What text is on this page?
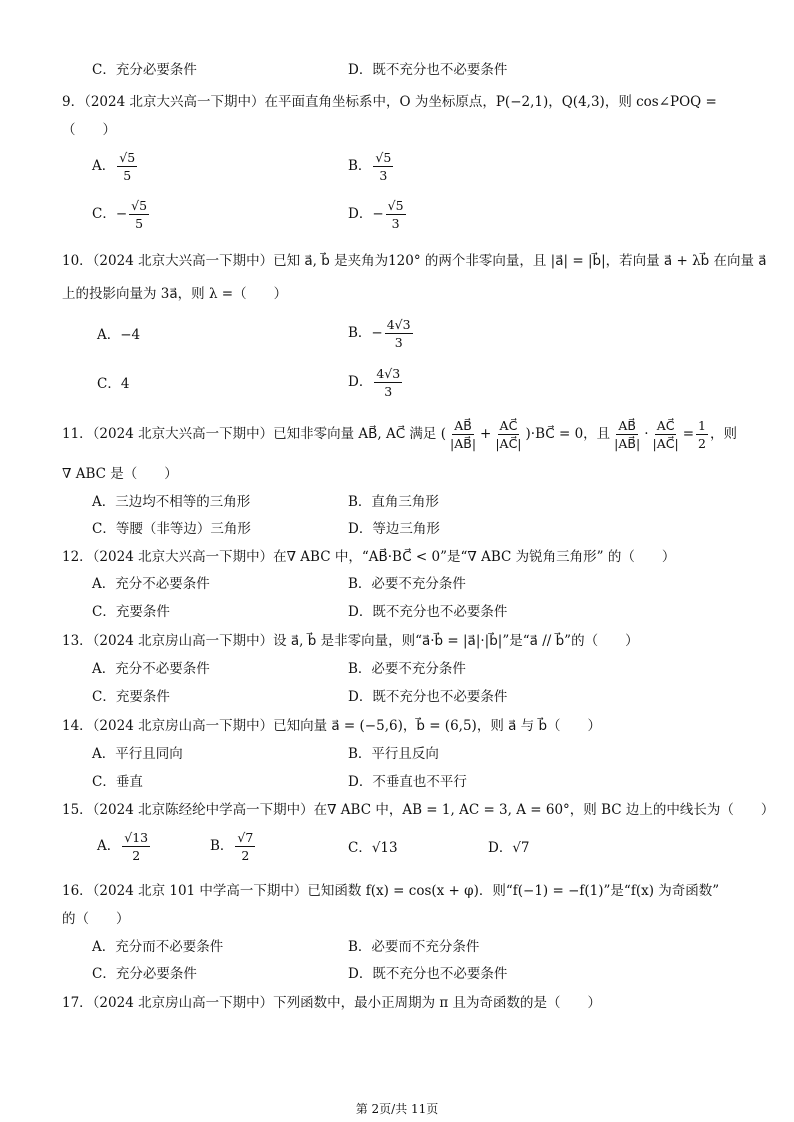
C．充分必要条件	D．既不充分也不必要条件
9．（2024 北京大兴高一下期中）在平面直角坐标系中，O 为坐标原点，P(−2,1)，Q(4,3)，则 cos∠POQ =
（　　）
A． $\frac{√5}{5}$	B． $\frac{√5}{3}$
C．− $\frac{√5}{5}$	D．− $\frac{√5}{3}$
10．（2024 北京大兴高一下期中）已知 a⃗, b⃗ 是夹角为120° 的两个非零向量，且 |a⃗| = |b⃗|，若向量 a⃗ + λb⃗ 在向量 a⃗
上的投影向量为 3a⃗，则 λ =（　　）
A．−4	B．− $\frac{4√3}{3}$
C．4	D． $\frac{4√3}{3}$
11．（2024 北京大兴高一下期中）已知非零向量 AB⃗, AC⃗ 满足 ( $\frac{AB⃗}{|AB⃗|} + \frac{AC⃗}{|AC⃗|}$ )·BC⃗ = 0，且 $\frac{AB⃗}{|AB⃗|} \cdot \frac{AC⃗}{|AC⃗|} = \frac{1}{2}$ ，则
∇ ABC 是（　　）
A．三边均不相等的三角形	B．直角三角形
C．等腰（非等边）三角形	D．等边三角形
12．（2024 北京大兴高一下期中）在∇ ABC 中，“AB⃗·BC⃗ < 0”是“∇ ABC 为锐角三角形” 的（　　）
A．充分不必要条件	B．必要不充分条件
C．充要条件	D．既不充分也不必要条件
13．（2024 北京房山高一下期中）设 a⃗, b⃗ 是非零向量，则“a⃗·b⃗ = |a⃗|·|b⃗|”是“a⃗ // b⃗”的（　　）
A．充分不必要条件	B．必要不充分条件
C．充要条件	D．既不充分也不必要条件
14．（2024 北京房山高一下期中）已知向量 a⃗ = (−5,6)，b⃗ = (6,5)，则 a⃗ 与 b⃗（　　）
A．平行且同向	B．平行且反向
C．垂直	D．不垂直也不平行
15．（2024 北京陈经纶中学高一下期中）在∇ ABC 中，AB = 1, AC = 3, A = 60°，则 BC 边上的中线长为（　　）
A． $\frac{√13}{2}$	B． $\frac{√7}{2}$	C．√13	D．√7
16．（2024 北京 101 中学高一下期中）已知函数 f(x) = cos(x + φ)．则“f(−1) = −f(1)”是“f(x) 为奇函数”
的（　　）
A．充分而不必要条件	B．必要而不充分条件
C．充分必要条件	D．既不充分也不必要条件
17．（2024 北京房山高一下期中）下列函数中，最小正周期为 π 且为奇函数的是（　　）
第 2页/共 11页
